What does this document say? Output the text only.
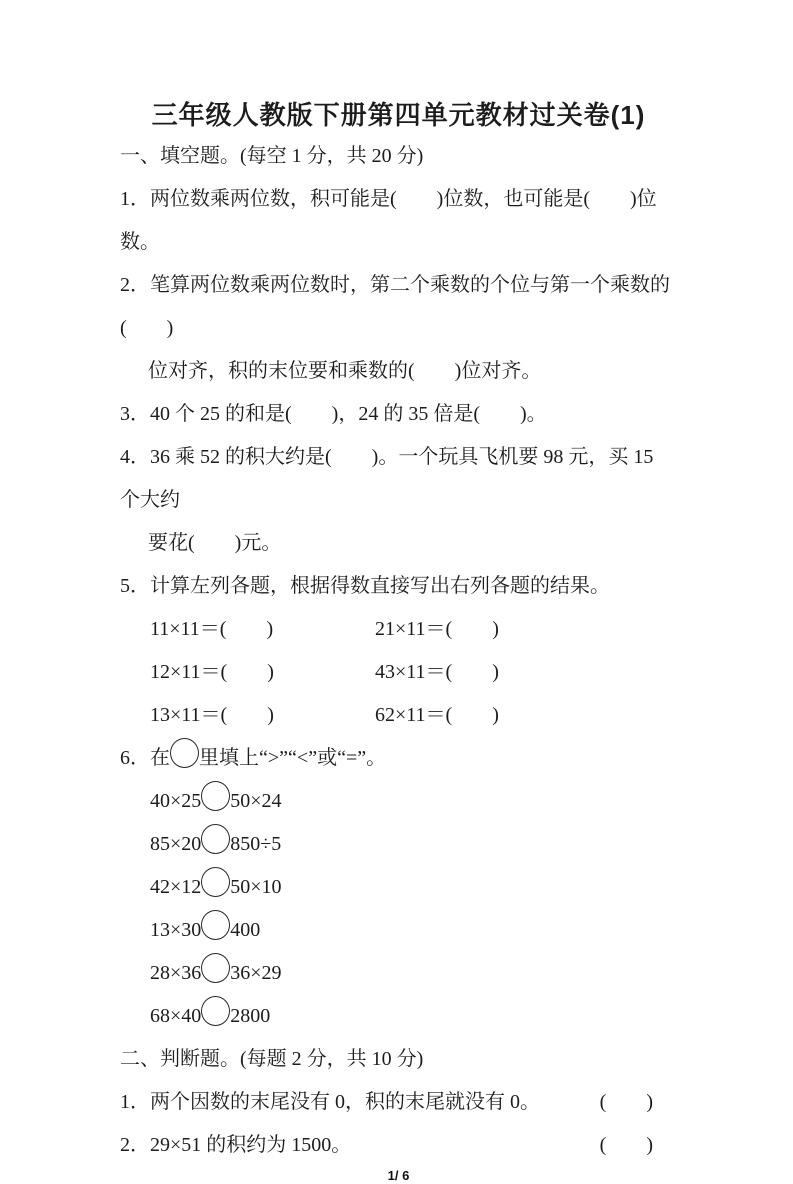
三年级人教版下册第四单元教材过关卷(1)
一、填空题。(每空 1 分，共 20 分)
1．两位数乘两位数，积可能是(　　)位数，也可能是(　　)位数。
2．笔算两位数乘两位数时，第二个乘数的个位与第一个乘数的(　　)
位对齐，积的末位要和乘数的(　　)位对齐。
3．40 个 25 的和是(　　)，24 的 35 倍是(　　)。
4．36 乘 52 的积大约是(　　)。一个玩具飞机要 98 元，买 15 个大约
要花(　　)元。
5．计算左列各题，根据得数直接写出右列各题的结果。
11×11＝(　　)	21×11＝(　　)
12×11＝(　　)	43×11＝(　　)
13×11＝(　　)	62×11＝(　　)
6．在 里填上“>”“<”或“=”。
40×25 50×24
85×20 850÷5
42×12 50×10
13×30 400
28×36 36×29
68×40 2800
二、判断题。(每题 2 分，共 10 分)
1．两个因数的末尾没有 0，积的末尾就没有 0。	(　　)
2．29×51 的积约为 1500。	(　　)
1/ 6
